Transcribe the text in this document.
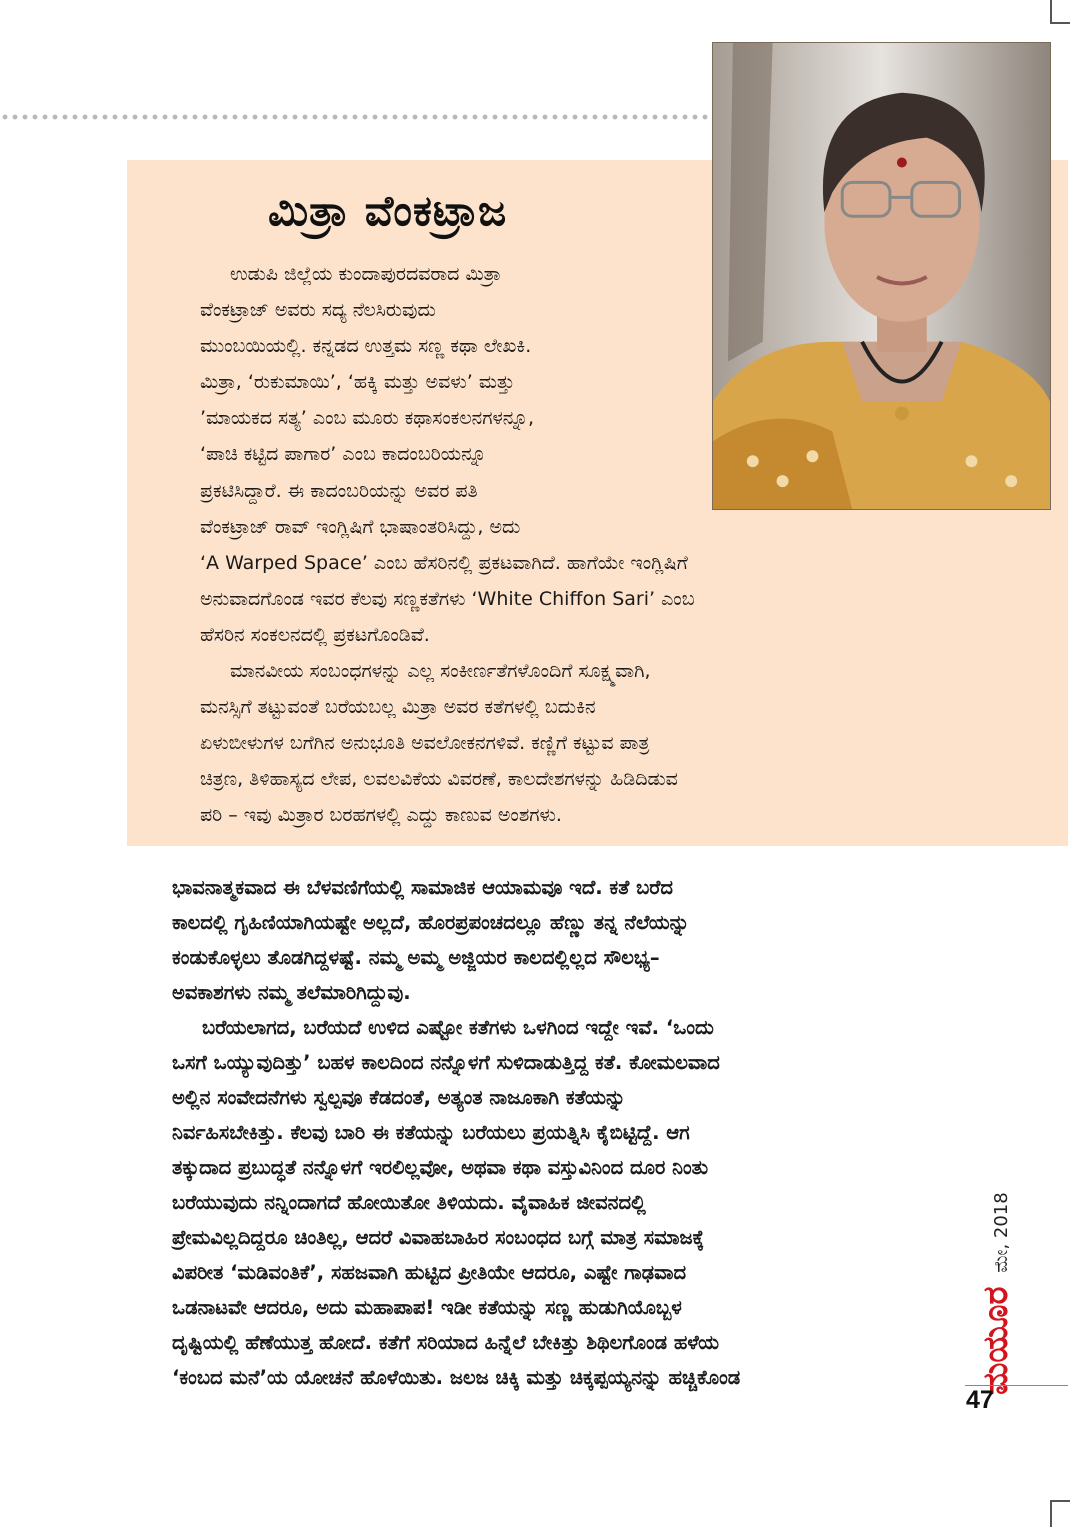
ಮಿತ್ರಾ ವೆಂಕಟ್ರಾಜ
ಉಡುಪಿ ಜಿಲ್ಲೆಯ ಕುಂದಾಪುರದವರಾದ ಮಿತ್ರಾ
ವೆಂಕಟ್ರಾಜ್ ಅವರು ಸದ್ಯ ನೆಲಸಿರುವುದು
ಮುಂಬಯಿಯಲ್ಲಿ. ಕನ್ನಡದ ಉತ್ತಮ ಸಣ್ಣ ಕಥಾ ಲೇಖಕಿ.
ಮಿತ್ರಾ, ‘ರುಕುಮಾಯಿ’, ‘ಹಕ್ಕಿ ಮತ್ತು ಅವಳು’ ಮತ್ತು
’ಮಾಯಕದ ಸತ್ಯ’ ಎಂಬ ಮೂರು ಕಥಾಸಂಕಲನಗಳನ್ನೂ,
‘ಪಾಚಿ ಕಟ್ಟಿದ ಪಾಗಾರ’ ಎಂಬ ಕಾದಂಬರಿಯನ್ನೂ
ಪ್ರಕಟಿಸಿದ್ದಾರೆ. ಈ ಕಾದಂಬರಿಯನ್ನು ಅವರ ಪತಿ
ವೆಂಕಟ್ರಾಜ್ ರಾವ್ ಇಂಗ್ಲಿಷಿಗೆ ಭಾಷಾಂತರಿಸಿದ್ದು, ಅದು
‘A Warped Space’ ಎಂಬ ಹೆಸರಿನಲ್ಲಿ ಪ್ರಕಟವಾಗಿದೆ. ಹಾಗೆಯೇ ಇಂಗ್ಲಿಷಿಗೆ
ಅನುವಾದಗೊಂಡ ಇವರ ಕೆಲವು ಸಣ್ಣಕತೆಗಳು ‘White Chiffon Sari’ ಎಂಬ
ಹೆಸರಿನ ಸಂಕಲನದಲ್ಲಿ ಪ್ರಕಟಗೊಂಡಿವೆ.
ಮಾನವೀಯ ಸಂಬಂಧಗಳನ್ನು ಎಲ್ಲ ಸಂಕೀರ್ಣತೆಗಳೊಂದಿಗೆ ಸೂಕ್ಷ್ಮವಾಗಿ,
ಮನಸ್ಸಿಗೆ ತಟ್ಟುವಂತೆ ಬರೆಯಬಲ್ಲ ಮಿತ್ರಾ ಅವರ ಕತೆಗಳಲ್ಲಿ ಬದುಕಿನ
ಏಳುಬೀಳುಗಳ ಬಗೆಗಿನ ಅನುಭೂತಿ ಅವಲೋಕನಗಳಿವೆ. ಕಣ್ಣಿಗೆ ಕಟ್ಟುವ ಪಾತ್ರ
ಚಿತ್ರಣ, ತಿಳಿಹಾಸ್ಯದ ಲೇಪ, ಲವಲವಿಕೆಯ ವಿವರಣೆ, ಕಾಲದೇಶಗಳನ್ನು ಹಿಡಿದಿಡುವ
ಪರಿ – ಇವು ಮಿತ್ರಾರ ಬರಹಗಳಲ್ಲಿ ಎದ್ದು ಕಾಣುವ ಅಂಶಗಳು.
ಭಾವನಾತ್ಮಕವಾದ ಈ ಬೆಳವಣಿಗೆಯಲ್ಲಿ ಸಾಮಾಜಿಕ ಆಯಾಮವೂ ಇದೆ. ಕತೆ ಬರೆದ
ಕಾಲದಲ್ಲಿ ಗೃಹಿಣಿಯಾಗಿಯಷ್ಟೇ ಅಲ್ಲದೆ, ಹೊರಪ್ರಪಂಚದಲ್ಲೂ ಹೆಣ್ಣು ತನ್ನ ನೆಲೆಯನ್ನು
ಕಂಡುಕೊಳ್ಳಲು ತೊಡಗಿದ್ದಳಷ್ಟೆ. ನಮ್ಮ ಅಮ್ಮ ಅಜ್ಜಿಯರ ಕಾಲದಲ್ಲಿಲ್ಲದ ಸೌಲಭ್ಯ–
ಅವಕಾಶಗಳು ನಮ್ಮ ತಲೆಮಾರಿಗಿದ್ದುವು.
ಬರೆಯಲಾಗದ, ಬರೆಯದೆ ಉಳಿದ ಎಷ್ಟೋ ಕತೆಗಳು ಒಳಗಿಂದ ಇದ್ದೇ ಇವೆ. ‘ಒಂದು
ಒಸಗೆ ಒಯ್ಯುವುದಿತ್ತು’ ಬಹಳ ಕಾಲದಿಂದ ನನ್ನೊಳಗೆ ಸುಳಿದಾಡುತ್ತಿದ್ದ ಕತೆ. ಕೋಮಲವಾದ
ಅಲ್ಲಿನ ಸಂವೇದನೆಗಳು ಸ್ವಲ್ಪವೂ ಕೆಡದಂತೆ, ಅತ್ಯಂತ ನಾಜೂಕಾಗಿ ಕತೆಯನ್ನು
ನಿರ್ವಹಿಸಬೇಕಿತ್ತು. ಕೆಲವು ಬಾರಿ ಈ ಕತೆಯನ್ನು ಬರೆಯಲು ಪ್ರಯತ್ನಿಸಿ ಕೈಬಿಟ್ಟಿದ್ದೆ. ಆಗ
ತಕ್ಕುದಾದ ಪ್ರಬುದ್ಧತೆ ನನ್ನೊಳಗೆ ಇರಲಿಲ್ಲವೋ, ಅಥವಾ ಕಥಾ ವಸ್ತುವಿನಿಂದ ದೂರ ನಿಂತು
ಬರೆಯುವುದು ನನ್ನಿಂದಾಗದೆ ಹೋಯಿತೋ ತಿಳಿಯದು. ವೈವಾಹಿಕ ಜೀವನದಲ್ಲಿ
ಪ್ರೇಮವಿಲ್ಲದಿದ್ದರೂ ಚಿಂತಿಲ್ಲ, ಆದರೆ ವಿವಾಹಬಾಹಿರ ಸಂಬಂಧದ ಬಗ್ಗೆ ಮಾತ್ರ ಸಮಾಜಕ್ಕೆ
ವಿಪರೀತ ‘ಮಡಿವಂತಿಕೆ’, ಸಹಜವಾಗಿ ಹುಟ್ಟಿದ ಪ್ರೀತಿಯೇ ಆದರೂ, ಎಷ್ಟೇ ಗಾಢವಾದ
ಒಡನಾಟವೇ ಆದರೂ, ಅದು ಮಹಾಪಾಪ! ಇಡೀ ಕತೆಯನ್ನು ಸಣ್ಣ ಹುಡುಗಿಯೊಬ್ಬಳ
ದೃಷ್ಟಿಯಲ್ಲಿ ಹೆಣೆಯುತ್ತ ಹೋದೆ. ಕತೆಗೆ ಸರಿಯಾದ ಹಿನ್ನೆಲೆ ಬೇಕಿತ್ತು ಶಿಥಿಲಗೊಂಡ ಹಳೆಯ
‘ಕಂಬದ ಮನೆ’ಯ ಯೋಚನೆ ಹೊಳೆಯಿತು. ಜಲಜ ಚಿಕ್ಕಿ ಮತ್ತು ಚಿಕ್ಕಪ್ಪಯ್ಯನನ್ನು ಹಚ್ಚಿಕೊಂಡ	ಮಯೂರಮೇ, 2018
47
